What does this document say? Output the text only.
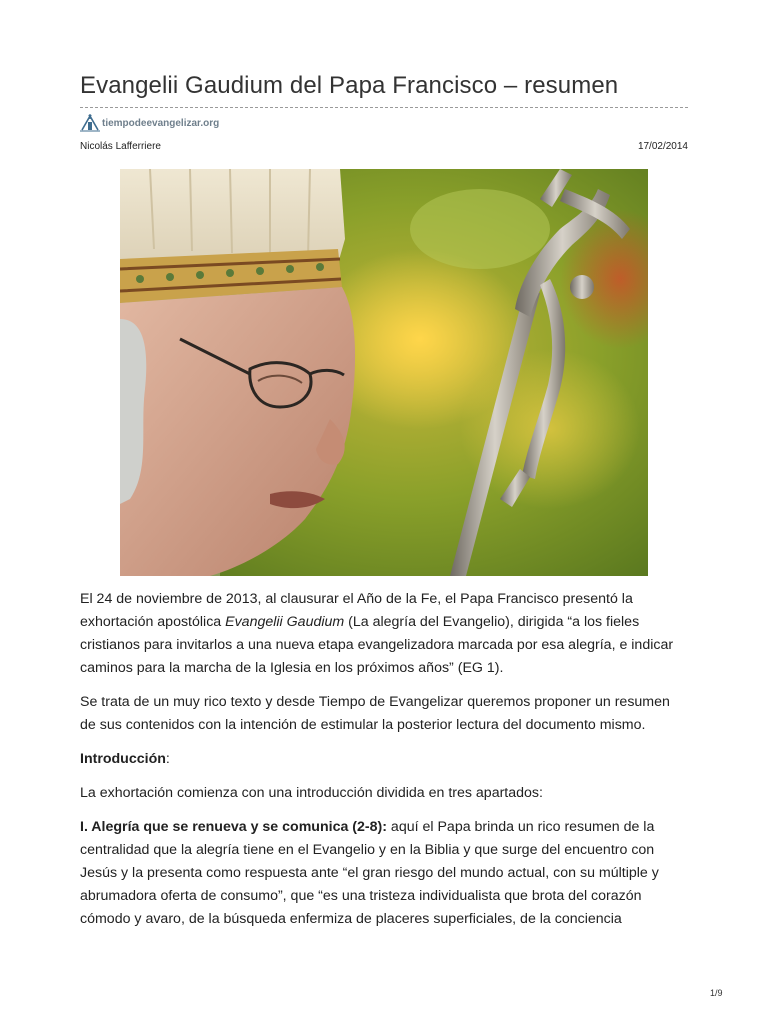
Evangelii Gaudium del Papa Francisco – resumen
tiempodeevangelizar.org
Nicolás Lafferriere	17/02/2014

El 24 de noviembre de 2013, al clausurar el Año de la Fe, el Papa Francisco presentó la exhortación apostólica Evangelii Gaudium (La alegría del Evangelio), dirigida “a los fieles cristianos para invitarlos a una nueva etapa evangelizadora marcada por esa alegría, e indicar caminos para la marcha de la Iglesia en los próximos años” (EG 1).

Se trata de un muy rico texto y desde Tiempo de Evangelizar queremos proponer un resumen de sus contenidos con la intención de estimular la posterior lectura del documento mismo.

Introducción:

La exhortación comienza con una introducción dividida en tres apartados:

I. Alegría que se renueva y se comunica (2-8): aquí el Papa brinda un rico resumen de la centralidad que la alegría tiene en el Evangelio y en la Biblia y que surge del encuentro con Jesús y la presenta como respuesta ante “el gran riesgo del mundo actual, con su múltiple y abrumadora oferta de consumo”, que “es una tristeza individualista que brota del corazón cómodo y avaro, de la búsqueda enfermiza de placeres superficiales, de la conciencia

1/9
